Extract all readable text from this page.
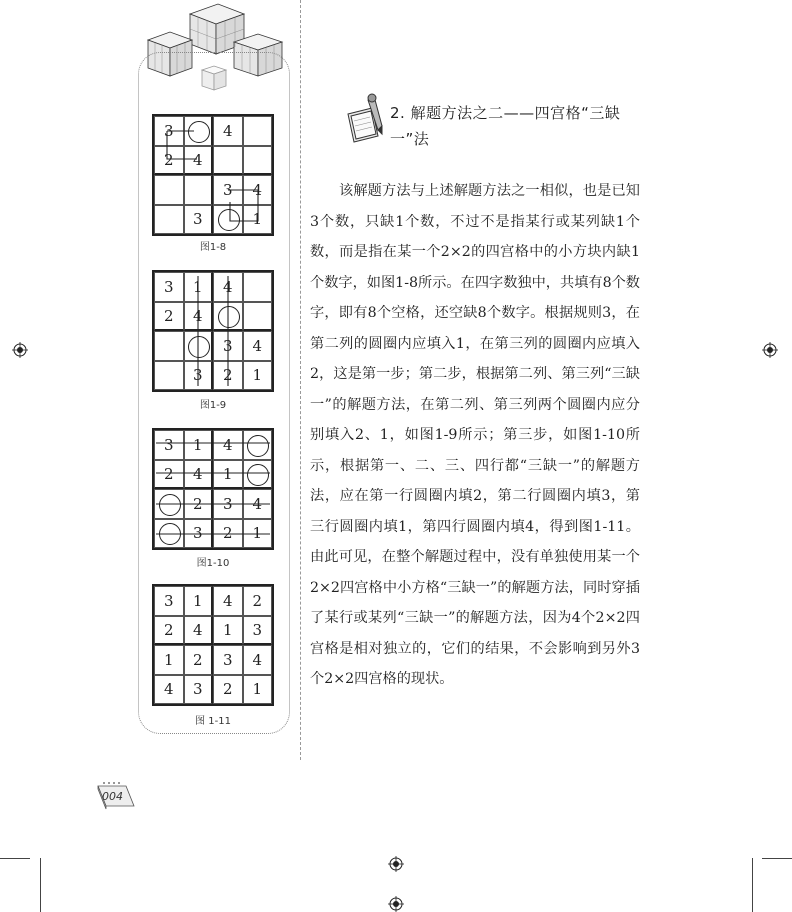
3	4
2 4
3 4
3	1
图1-8
3 1 4
2 4
3 4
3 2 1
图1-9
3 1 4
2 4 1
2 3 4
3 2 1
图1-10
3 1 4 2
2 4 1 3
1 2 3 4
4 3 2 1
图 1-11
2. 解题方法之二——四宫格“三缺一”法

该解题方法与上述解题方法之一相似，也是已知3个数，只缺1个数，不过不是指某行或某列缺1个数，而是指在某一个2×2的四宫格中的小方块内缺1个数字，如图1-8所示。在四字数独中，共填有8个数字，即有8个空格，还空缺8个数字。根据规则3，在第二列的圆圈内应填入1，在第三列的圆圈内应填入2，这是第一步；第二步，根据第二列、第三列“三缺一”的解题方法，在第二列、第三列两个圆圈内应分别填入2、1，如图1-9所示；第三步，如图1-10所示，根据第一、二、三、四行都“三缺一”的解题方法，应在第一行圆圈内填2，第二行圆圈内填3，第三行圆圈内填1，第四行圆圈内填4，得到图1-11。由此可见，在整个解题过程中，没有单独使用某一个2×2四宫格中小方格“三缺一”的解题方法，同时穿插了某行或某列“三缺一”的解题方法，因为4个2×2四宫格是相对独立的，它们的结果，不会影响到另外3个2×2四宫格的现状。

004
